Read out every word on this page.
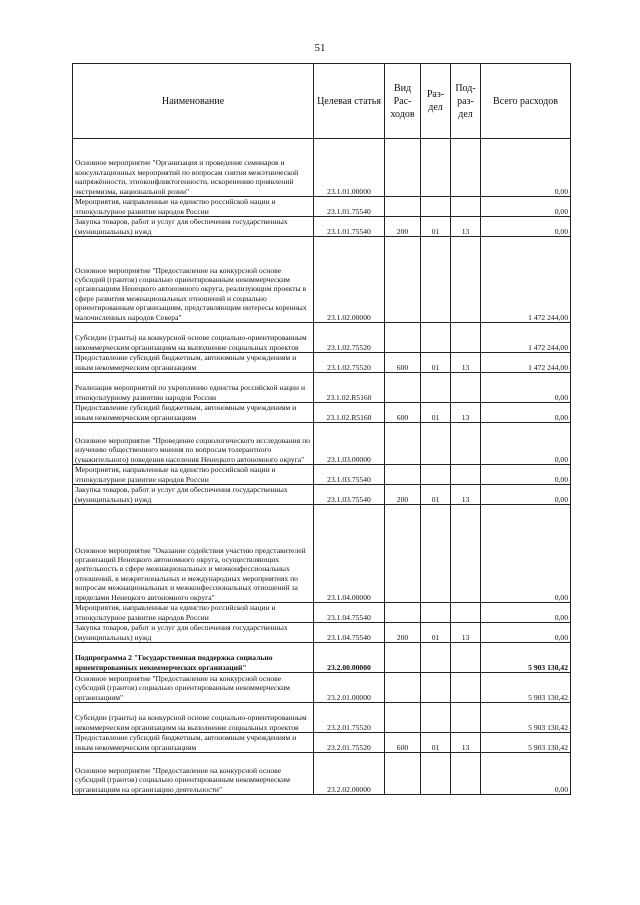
51
Наименование	Целевая статья	Вид Рас-ходов	Раз-дел	Под-раз-дел	Всего расходов
Основное мероприятие "Организация и проведение семинаров и консультационных мероприятий по вопросам снятия межэтнической напряжённости, этноконфликтогенности, искоренению проявлений экстремизма, национальной розни"	23.1.01.00000				0,00
Мероприятия, направленные на единство российской нации и этнокультурное развитие народов России	23.1.01.75540				0,00
Закупка товаров, работ и услуг для обеспечения государственных (муниципальных) нужд	23.1.01.75540	200	01	13	0,00
Основное мероприятие "Предоставление на конкурсной основе субсидий (грантов) социально ориентированным некоммерческим организациям Ненецкого автономного округа, реализующим проекты в сфере развития межнациональных отношений и социально ориентированным организациям, представляющим интересы коренных малочисленных народов Севера"	23.1.02.00000				1 472 244,00
Субсидии (гранты) на конкурсной основе социально-ориентированным некоммерческим организациям на выполнение социальных проектов	23.1.02.75520				1 472 244,00
Предоставление субсидий бюджетным, автономным учреждениям и иным некоммерческим организациям	23.1.02.75520	600	01	13	1 472 244,00
Реализация мероприятий по укреплению единства российской нации и этнокультурному развитию народов России	23.1.02.R5160				0,00
Предоставление субсидий бюджетным, автономным учреждениям и иным некоммерческим организациям	23.1.02.R5160	600	01	13	0,00
Основное мероприятие "Проведение социологического исследования по изучению общественного мнения по вопросам толерантного (уважительного) поведения населения Ненецкого автономного округа"	23.1.03.00000				0,00
Мероприятия, направленные на единство российской нации и этнокультурное развитие народов России	23.1.03.75540				0,00
Закупка товаров, работ и услуг для обеспечения государственных (муниципальных) нужд	23.1.03.75540	200	01	13	0,00
Основное мероприятие "Оказание содействия участию представителей организаций Ненецкого автономного округа, осуществляющих деятельность в сфере межнациональных и межконфессиональных отношений, в межрегиональных и международных мероприятиях по вопросам межнациональных и межконфессиональных отношений за пределами Ненецкого автономного округа"	23.1.04.00000				0,00
Мероприятия, направленные на единство российской нации и этнокультурное развитие народов России	23.1.04.75540				0,00
Закупка товаров, работ и услуг для обеспечения государственных (муниципальных) нужд	23.1.04.75540	200	01	13	0,00
Подпрограмма 2 "Государственная поддержка социально ориентированных некоммерческих организаций"	23.2.00.00000				5 903 130,42
Основное мероприятие "Предоставление на конкурсной основе субсидий (грантов) социально ориентированным некоммерческим организациям"	23.2.01.00000				5 903 130,42
Субсидии (гранты) на конкурсной основе социально-ориентированным некоммерческим организациям на выполнение социальных проектов	23.2.01.75520				5 903 130,42
Предоставление субсидий бюджетным, автономным учреждениям и иным некоммерческим организациям	23.2.01.75520	600	01	13	5 903 130,42
Основное мероприятие "Предоставление на конкурсной основе субсидий (грантов) социально ориентированным некоммерческим организациям на организацию деятельности"	23.2.02.00000				0,00
